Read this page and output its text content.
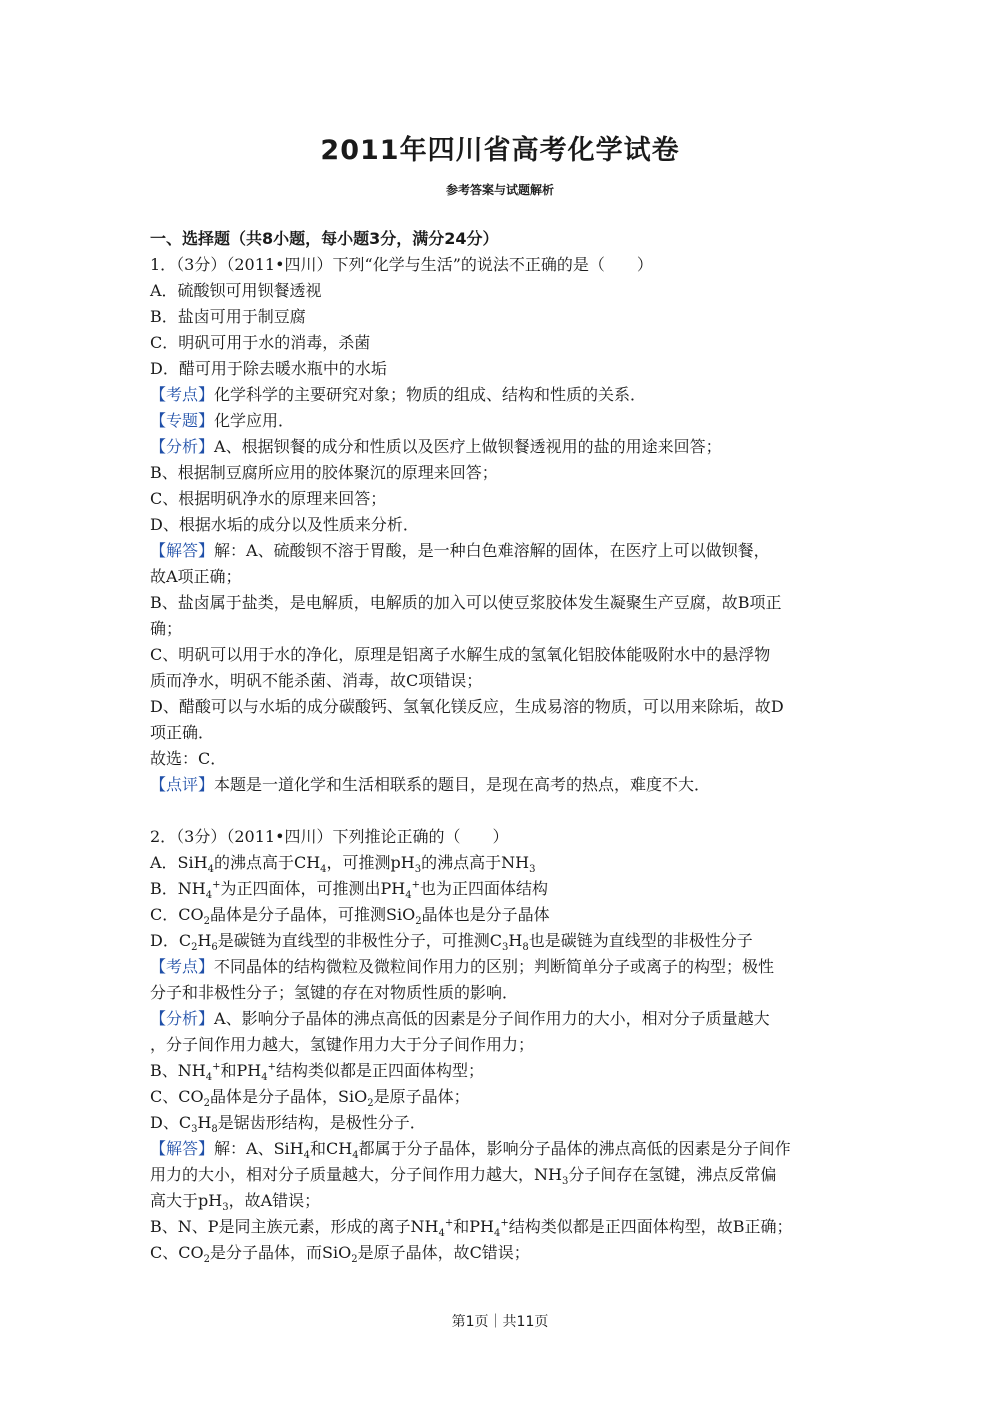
2011年四川省高考化学试卷
参考答案与试题解析
一、选择题（共8小题，每小题3分，满分24分）
1．（3分）（2011•四川）下列“化学与生活”的说法不正确的是（　　）
A．硫酸钡可用钡餐透视
B．盐卤可用于制豆腐
C．明矾可用于水的消毒，杀菌
D．醋可用于除去暖水瓶中的水垢
【考点】化学科学的主要研究对象；物质的组成、结构和性质的关系．
【专题】化学应用．
【分析】A、根据钡餐的成分和性质以及医疗上做钡餐透视用的盐的用途来回答；
B、根据制豆腐所应用的胶体聚沉的原理来回答；
C、根据明矾净水的原理来回答；
D、根据水垢的成分以及性质来分析．
【解答】解：A、硫酸钡不溶于胃酸，是一种白色难溶解的固体，在医疗上可以做钡餐，
故A项正确；
B、盐卤属于盐类，是电解质，电解质的加入可以使豆浆胶体发生凝聚生产豆腐，故B项正
确；
C、明矾可以用于水的净化，原理是铝离子水解生成的氢氧化铝胶体能吸附水中的悬浮物
质而净水，明矾不能杀菌、消毒，故C项错误；
D、醋酸可以与水垢的成分碳酸钙、氢氧化镁反应，生成易溶的物质，可以用来除垢，故D
项正确．
故选：C．
【点评】本题是一道化学和生活相联系的题目，是现在高考的热点，难度不大．
2．（3分）（2011•四川）下列推论正确的（　　）
A．SiH$_4$的沸点高于$CH_4$，可推测$pH_3$的沸点高于$NH_3$
B．$NH_4^+$为正四面体，可推测出$PH_4^+$也为正四面体结构
C．$CO_2$晶体是分子晶体，可推测SiO$_2$晶体也是分子晶体
D．$C_2H_6$是碳链为直线型的非极性分子，可推测$C_3H_8$也是碳链为直线型的非极性分子
【考点】不同晶体的结构微粒及微粒间作用力的区别；判断简单分子或离子的构型；极性
分子和非极性分子；氢键的存在对物质性质的影响．
【分析】A、影响分子晶体的沸点高低的因素是分子间作用力的大小，相对分子质量越大
，分子间作用力越大，氢键作用力大于分子间作用力；
B、$NH_4^+$和$PH_4^+$结构类似都是正四面体构型；
C、$CO_2$晶体是分子晶体，SiO$_2$是原子晶体；
D、$C_3H_8$是锯齿形结构，是极性分子．
【解答】解：A、SiH$_4$和$CH_4$都属于分子晶体，影响分子晶体的沸点高低的因素是分子间作
用力的大小，相对分子质量越大，分子间作用力越大，$NH_3$分子间存在氢键，沸点反常偏
高大于$pH_3$，故A错误；
B、N、P是同主族元素，形成的离子$NH_4^+$和$PH_4^+$结构类似都是正四面体构型，故B正确；
C、$CO_2$是分子晶体，而SiO$_2$是原子晶体，故C错误；
第1页｜共11页
